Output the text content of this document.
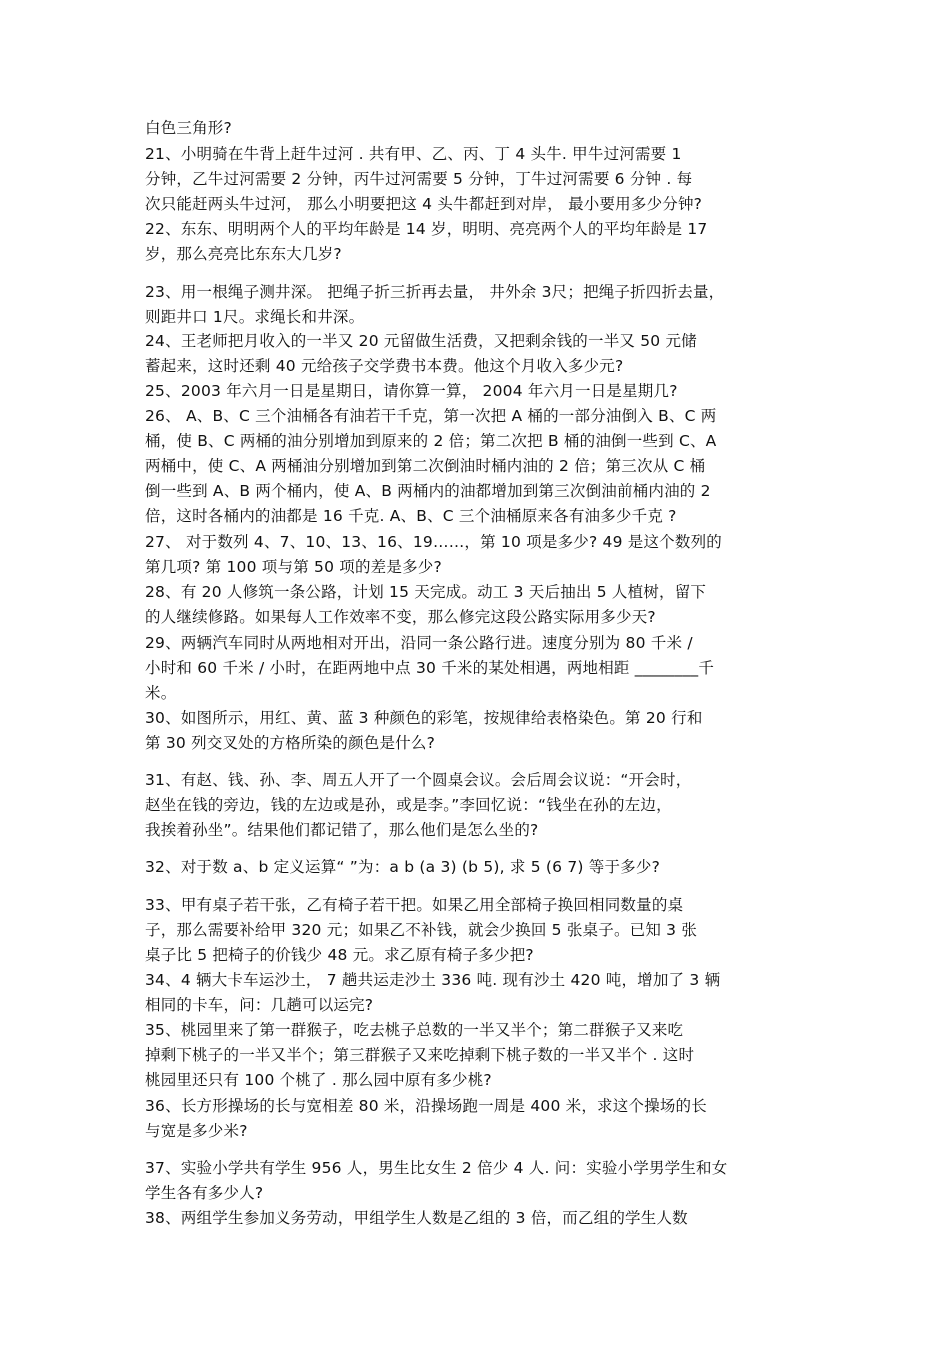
白色三角形?
21、小明骑在牛背上赶牛过河 . 共有甲、乙、丙、丁 4 头牛. 甲牛过河需要 1
分钟，乙牛过河需要 2 分钟，丙牛过河需要 5 分钟，丁牛过河需要 6 分钟 . 每
次只能赶两头牛过河， 那么小明要把这 4 头牛都赶到对岸， 最小要用多少分钟?
22、东东、明明两个人的平均年龄是 14 岁，明明、亮亮两个人的平均年龄是 17
岁，那么亮亮比东东大几岁?
23、用一根绳子测井深。 把绳子折三折再去量， 井外余 3尺；把绳子折四折去量，
则距井口 1尺。求绳长和井深。
24、王老师把月收入的一半又 20 元留做生活费，又把剩余钱的一半又 50 元储
蓄起来，这时还剩 40 元给孩子交学费书本费。他这个月收入多少元?
25、2003 年六月一日是星期日，请你算一算， 2004 年六月一日是星期几?
26、 A、B、C 三个油桶各有油若干千克，第一次把 A 桶的一部分油倒入 B、C 两
桶，使 B、C 两桶的油分别增加到原来的 2 倍；第二次把 B 桶的油倒一些到 C、A
两桶中，使 C、A 两桶油分别增加到第二次倒油时桶内油的 2 倍；第三次从 C 桶
倒一些到 A、B 两个桶内，使 A、B 两桶内的油都增加到第三次倒油前桶内油的 2
倍，这时各桶内的油都是 16 千克. A、B、C 三个油桶原来各有油多少千克 ?
27、 对于数列 4、7、10、13、16、19……，第 10 项是多少? 49 是这个数列的
第几项? 第 100 项与第 50 项的差是多少?
28、有 20 人修筑一条公路，计划 15 天完成。动工 3 天后抽出 5 人植树，留下
的人继续修路。如果每人工作效率不变，那么修完这段公路实际用多少天?
29、两辆汽车同时从两地相对开出，沿同一条公路行进。速度分别为 80 千米 /
小时和 60 千米 / 小时，在距两地中点 30 千米的某处相遇，两地相距 ________千
米。
30、如图所示，用红、黄、蓝 3 种颜色的彩笔，按规律给表格染色。第 20 行和
第 30 列交叉处的方格所染的颜色是什么?
31、有赵、钱、孙、李、周五人开了一个圆桌会议。会后周会议说：“开会时，
赵坐在钱的旁边，钱的左边或是孙，或是李。”李回忆说：“钱坐在孙的左边，
我挨着孙坐”。结果他们都记错了，那么他们是怎么坐的?
32、对于数 a、b 定义运算“ ”为：a b (a 3) (b 5), 求 5 (6 7) 等于多少?
33、甲有桌子若干张，乙有椅子若干把。如果乙用全部椅子换回相同数量的桌
子，那么需要补给甲 320 元；如果乙不补钱，就会少换回 5 张桌子。已知 3 张
桌子比 5 把椅子的价钱少 48 元。求乙原有椅子多少把?
34、4 辆大卡车运沙土， 7 趟共运走沙土 336 吨. 现有沙土 420 吨，增加了 3 辆
相同的卡车，问：几趟可以运完?
35、桃园里来了第一群猴子，吃去桃子总数的一半又半个；第二群猴子又来吃
掉剩下桃子的一半又半个；第三群猴子又来吃掉剩下桃子数的一半又半个 . 这时
桃园里还只有 100 个桃了 . 那么园中原有多少桃?
36、长方形操场的长与宽相差 80 米，沿操场跑一周是 400 米，求这个操场的长
与宽是多少米?
37、实验小学共有学生 956 人，男生比女生 2 倍少 4 人. 问：实验小学男学生和女
学生各有多少人?
38、两组学生参加义务劳动，甲组学生人数是乙组的 3 倍，而乙组的学生人数
